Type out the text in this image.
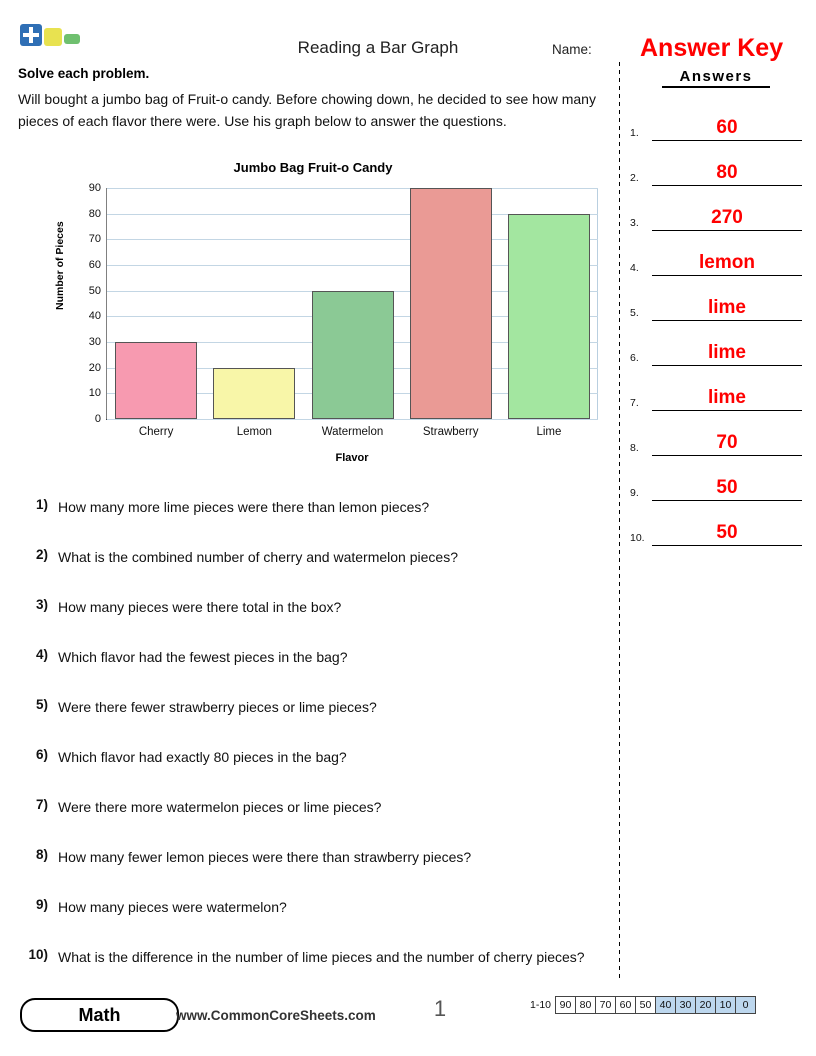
Reading a Bar Graph	Name: Answer Key
Solve each problem.
Will bought a jumbo bag of Fruit-o candy. Before chowing down, he decided to see how many pieces of each flavor there were. Use his graph below to answer the questions.
Jumbo Bag Fruit-o Candy
Number of Pieces
0
10
20
30
40
50
60
70
80
90
Cherry	Lemon	Watermelon	Strawberry	Lime
Flavor
1) How many more lime pieces were there than lemon pieces?
2) What is the combined number of cherry and watermelon pieces?
3) How many pieces were there total in the box?
4) Which flavor had the fewest pieces in the bag?
5) Were there fewer strawberry pieces or lime pieces?
6) Which flavor had exactly 80 pieces in the bag?
7) Were there more watermelon pieces or lime pieces?
8) How many fewer lemon pieces were there than strawberry pieces?
9) How many pieces were watermelon?
10) What is the difference in the number of lime pieces and the number of cherry pieces?
Answers
1.	60
2.	80
3.	270
4.	lemon
5.	lime
6.	lime
7.	lime
8.	70
9.	50
10.	50
Math	www.CommonCoreSheets.com	1	1-10 90 80 70 60 50 40 30 20 10	0
